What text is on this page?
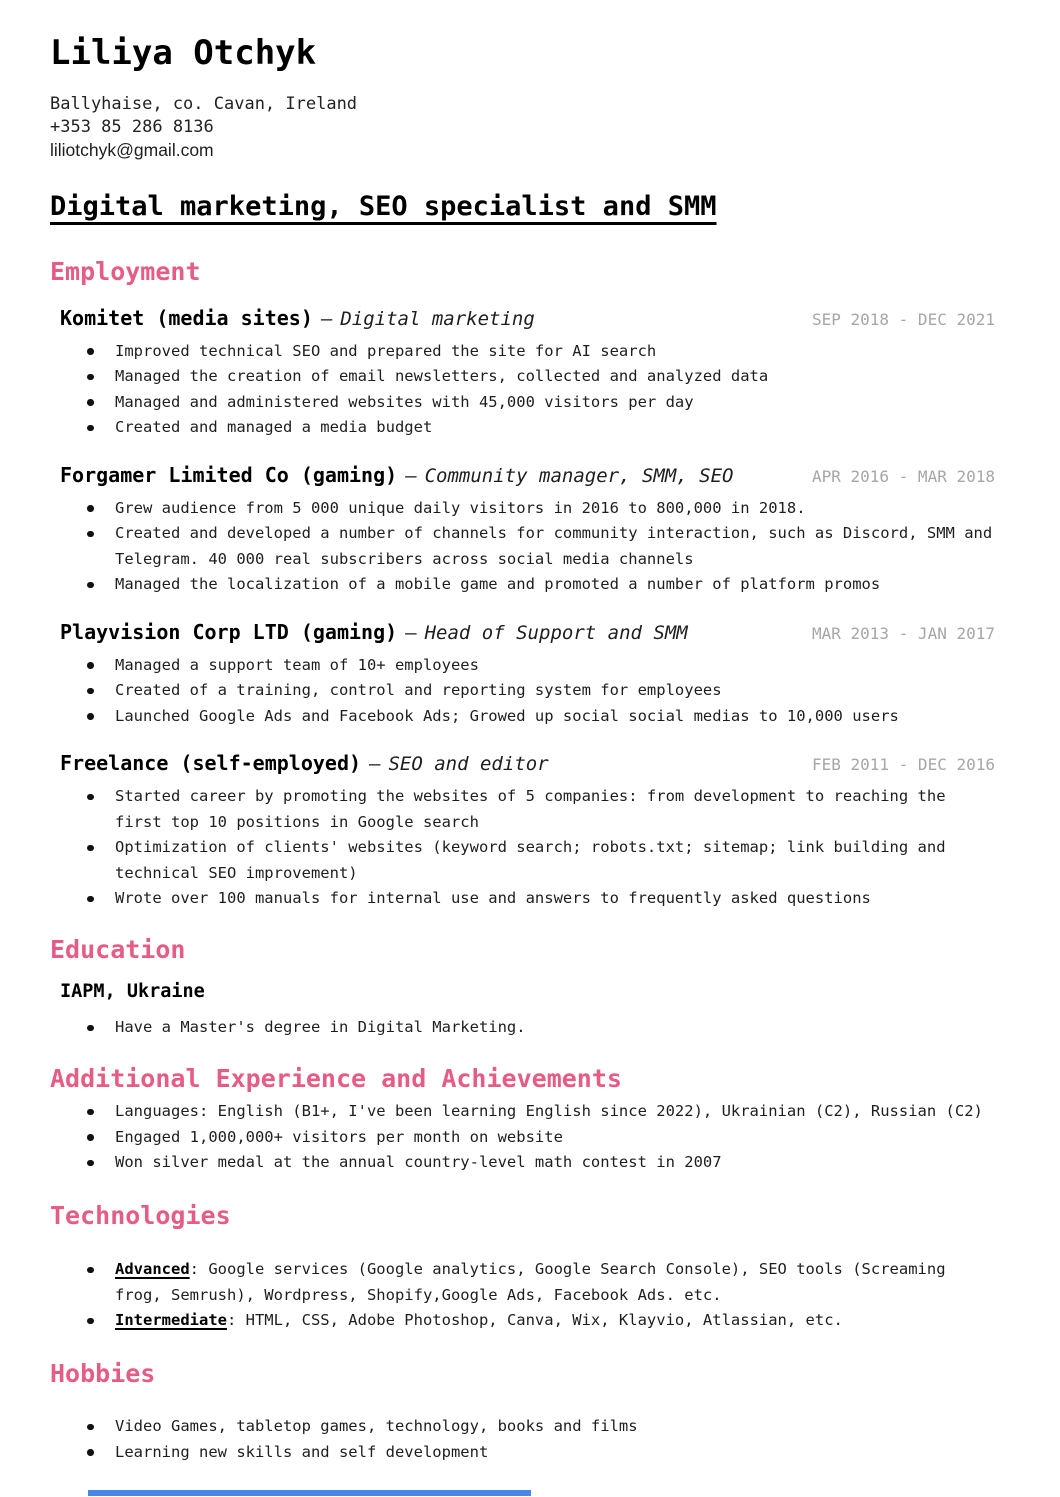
Liliya Otchyk
Ballyhaise, co. Cavan, Ireland
+353 85 286 8136
liliotchyk@gmail.com
Digital marketing, SEO specialist and SMM
Employment
Komitet (media sites) — Digital marketing	SEP 2018 - DEC 2021
Improved technical SEO and prepared the site for AI search
Managed the creation of email newsletters, collected and analyzed data
Managed and administered websites with 45,000 visitors per day
Created and managed a media budget
Forgamer Limited Co (gaming) — Community manager, SMM, SEO	APR 2016 - MAR 2018
Grew audience from 5 000 unique daily visitors in 2016 to 800,000 in 2018.
Created and developed a number of channels for community interaction, such as Discord, SMM and Telegram. 40 000 real subscribers across social media channels
Managed the localization of a mobile game and promoted a number of platform promos
Playvision Corp LTD (gaming) — Head of Support and SMM	MAR 2013 - JAN 2017
Managed a support team of 10+ employees
Created of a training, control and reporting system for employees
Launched Google Ads and Facebook Ads; Growed up social social medias to 10,000 users
Freelance (self-employed) — SEO and editor	FEB 2011 - DEC 2016
Started career by promoting the websites of 5 companies: from development to reaching the first top 10 positions in Google search
Optimization of clients' websites (keyword search; robots.txt; sitemap; link building and technical SEO improvement)
Wrote over 100 manuals for internal use and answers to frequently asked questions
Education
IAPM, Ukraine
Have a Master's degree in Digital Marketing.
Additional Experience and Achievements
Languages: English (B1+, I've been learning English since 2022), Ukrainian (C2), Russian (C2)
Engaged 1,000,000+ visitors per month on website
Won silver medal at the annual country-level math contest in 2007
Technologies
Advanced: Google services (Google analytics, Google Search Console), SEO tools (Screaming frog, Semrush), Wordpress, Shopify,Google Ads, Facebook Ads. etc.
Intermediate: HTML, CSS, Adobe Photoshop, Canva, Wix, Klayvio, Atlassian, etc.
Hobbies
Video Games, tabletop games, technology, books and films
Learning new skills and self development
